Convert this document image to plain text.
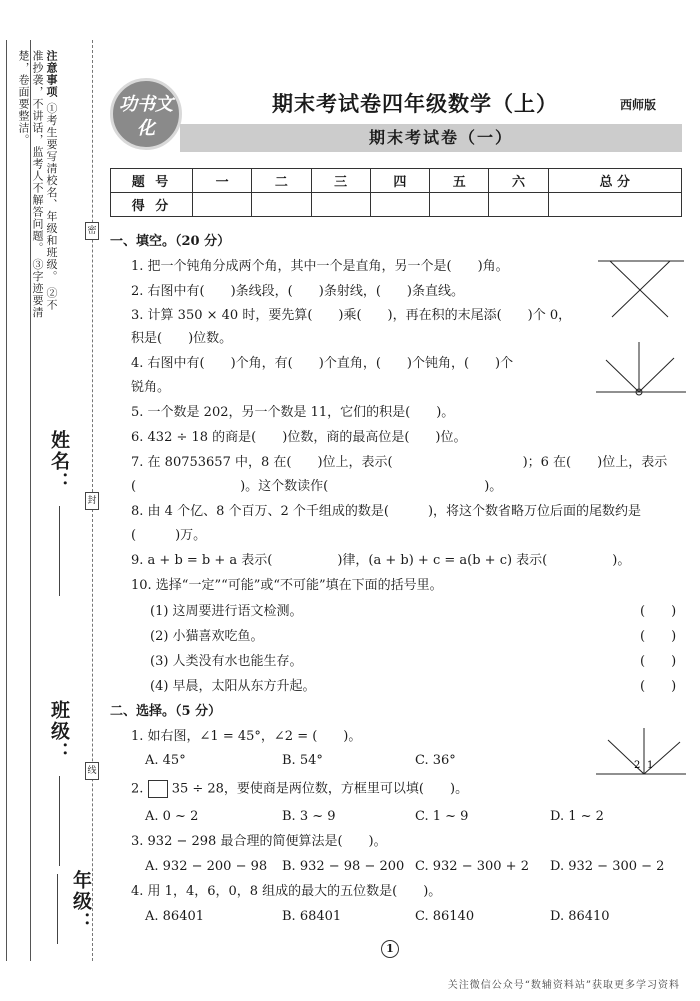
注意事项 ①考生要写清校名、年级和班级。 ②不准抄袭，不讲话，监考人不解答问题。 ③字迹要清楚，卷面要整洁。
姓名：
班级：
年级：
密
封
线
功书文化
期末考试卷四年级数学（上）	西师版
期末考试卷（一）
题 号	一	二	三	四	五	六	总 分
得 分							
一、填空。（20 分）
1. 把一个钝角分成两个角，其中一个是直角，另一个是(　　)角。
2. 右图中有(　　)条线段，(　　)条射线，(　　)条直线。
3. 计算 350 × 40 时，要先算(　　)乘(　　)，再在积的末尾添(　　)个 0，
积是(　　)位数。
4. 右图中有(　　)个角，有(　　)个直角，(　　)个钝角，(　　)个
锐角。
5. 一个数是 202，另一个数是 11，它们的积是(　　)。
6. 432 ÷ 18 的商是(　　)位数，商的最高位是(　　)位。
7. 在 80753657 中，8 在(　　)位上，表示(　　　　　　　　　　)；6 在(　　)位上，表示
(　　　　　　　　)。这个数读作(　　　　　　　　　　　　)。
8. 由 4 个亿、8 个百万、2 个千组成的数是(　　　)，将这个数省略万位后面的尾数约是
(　　　)万。
9. a + b = b + a 表示(　　　　　)律，(a + b) + c = a(b + c) 表示(　　　　　)。
10. 选择“一定”“可能”或“不可能”填在下面的括号里。
(1) 这周要进行语文检测。	(　　)
(2) 小猫喜欢吃鱼。	(　　)
(3) 人类没有水也能生存。	(　　)
(4) 早晨，太阳从东方升起。	(　　)
二、选择。（5 分）
1. 如右图，∠1 = 45°，∠2 = (　　)。
A. 45°	B. 54°	C. 36°
2. 35 ÷ 28，要使商是两位数，方框里可以填(　　)。
A. 0 ~ 2	B. 3 ~ 9	C. 1 ~ 9	D. 1 ~ 2
3. 932 − 298 最合理的简便算法是(　　)。
A. 932 − 200 − 98 B. 932 − 98 − 200 C. 932 − 300 + 2 D. 932 − 300 − 2
4. 用 1，4，6，0，8 组成的最大的五位数是(　　)。
A. 86401	B. 68401	C. 86140	D. 86410
2 1
1
关注微信公众号“数辅资料站”获取更多学习资料
